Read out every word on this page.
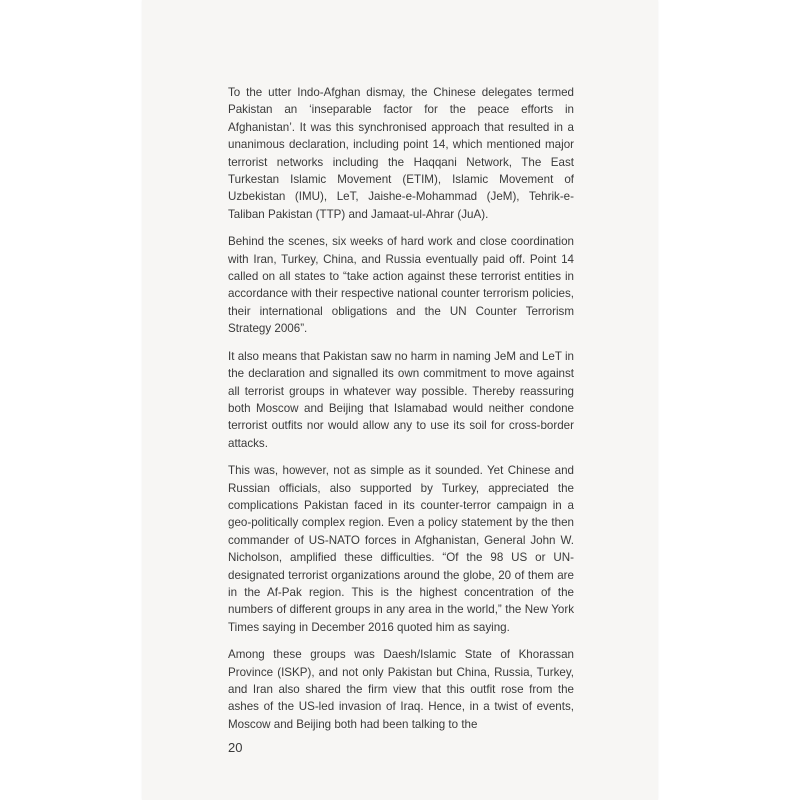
To the utter Indo-Afghan dismay, the Chinese delegates termed Pakistan an ‘inseparable factor for the peace efforts in Afghanistan’. It was this synchronised approach that resulted in a unanimous declaration, including point 14, which mentioned major terrorist networks including the Haqqani Network, The East Turkestan Islamic Movement (ETIM), Islamic Movement of Uzbekistan (IMU), LeT, Jaishe-e-Mohammad (JeM), Tehrik-e-Taliban Pakistan (TTP) and Jamaat-ul-Ahrar (JuA).

Behind the scenes, six weeks of hard work and close coordination with Iran, Turkey, China, and Russia eventually paid off. Point 14 called on all states to “take action against these terrorist entities in accordance with their respective national counter terrorism policies, their international obligations and the UN Counter Terrorism Strategy 2006”.

It also means that Pakistan saw no harm in naming JeM and LeT in the declaration and signalled its own commitment to move against all terrorist groups in whatever way possible. Thereby reassuring both Moscow and Beijing that Islamabad would neither condone terrorist outfits nor would allow any to use its soil for cross-border attacks.

This was, however, not as simple as it sounded. Yet Chinese and Russian officials, also supported by Turkey, appreciated the complications Pakistan faced in its counter-terror campaign in a geo-politically complex region. Even a policy statement by the then commander of US-NATO forces in Afghanistan, General John W. Nicholson, amplified these difficulties. “Of the 98 US or UN-designated terrorist organizations around the globe, 20 of them are in the Af-Pak region. This is the highest concentration of the numbers of different groups in any area in the world,” the New York Times saying in December 2016 quoted him as saying.

Among these groups was Daesh/Islamic State of Khorassan Province (ISKP), and not only Pakistan but China, Russia, Turkey, and Iran also shared the firm view that this outfit rose from the ashes of the US-led invasion of Iraq. Hence, in a twist of events, Moscow and Beijing both had been talking to the

20
